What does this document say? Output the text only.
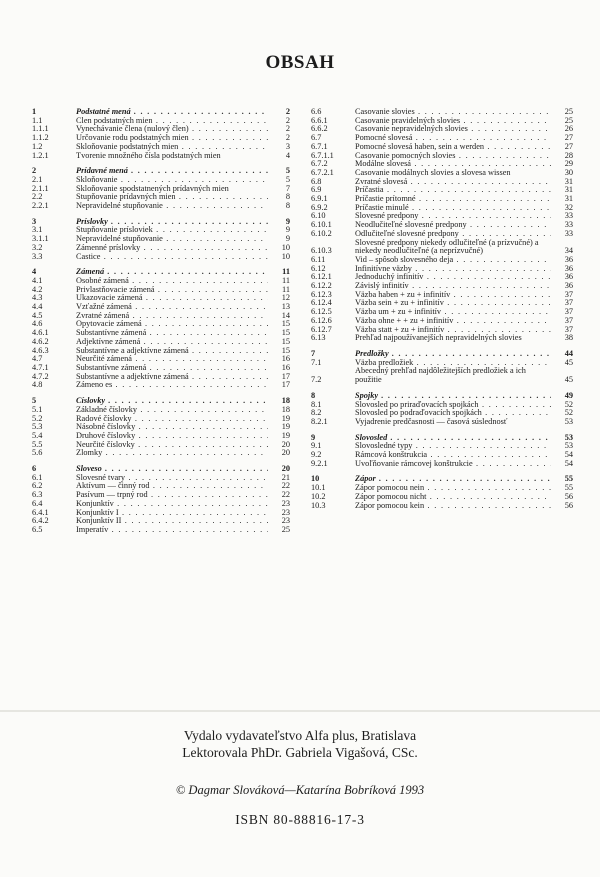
OBSAH
1	Podstatné mená . . .	2
1.1	Člen podstatných mien . . .	2
1.1.1	Vynechávanie člena (nulový člen) . . .	2
1.1.2	Určovanie rodu podstatných mien . . .	2
1.2	Skloňovanie podstatných mien . . .	3
1.2.1	Tvorenie množného čísla podstatných mien	4
2	Prídavné mená . . .	5
2.1	Skloňovanie . . .	5
2.1.1	Skloňovanie spodstatnených prídavných mien	7
2.2	Stupňovanie prídavných mien . . .	8
2.2.1	Nepravidelné stupňovanie . . .	8
3	Príslovky . . .	9
3.1	Stupňovanie prísloviek . . .	9
3.1.1	Nepravidelné stupňovanie . . .	9
3.2	Zámenné príslovky . . .	10
3.3	Častice . . .	10
4	Zámená . . .	11
4.1	Osobné zámená . . .	11
4.2	Privlastňovacie zámená . . .	11
4.3	Ukazovacie zámená . . .	12
4.4	Vzťažné zámená . . .	13
4.5	Zvratné zámená . . .	14
4.6	Opytovacie zámená . . .	15
4.6.1	Substantívne zámená . . .	15
4.6.2	Adjektívne zámená . . .	15
4.6.3	Substantívne a adjektívne zámená . . .	15
4.7	Neurčité zámená . . .	16
4.7.1	Substantívne zámená . . .	16
4.7.2	Substantívne a adjektívne zámená . . .	17
4.8	Zámeno es . . .	17
5	Číslovky . . .	18
5.1	Základné číslovky . . .	18
5.2	Radové číslovky . . .	19
5.3	Násobné číslovky . . .	19
5.4	Druhové číslovky . . .	19
5.5	Neurčité číslovky . . .	20
5.6	Zlomky . . .	20
6	Sloveso . . .	20
6.1	Slovesné tvary . . .	21
6.2	Aktívum — činný rod . . .	22
6.3	Pasívum — trpný rod . . .	22
6.4	Konjunktív . . .	23
6.4.1	Konjunktív I . . .	23
6.4.2	Konjunktív II . . .	23
6.5	Imperatív . . .	25
6.6	Časovanie slovies . . .	25
6.6.1	Časovanie pravidelných slovies . . .	25
6.6.2	Časovanie nepravidelných slovies . . .	26
6.7	Pomocné slovesá . . .	27
6.7.1	Pomocné slovesá haben, sein a werden . . .	27
6.7.1.1	Časovanie pomocných slovies . . .	28
6.7.2	Modálne slovesá . . .	29
6.7.2.1	Časovanie modálnych slovies a slovesa wissen	30
6.8	Zvratné slovesá . . .	31
6.9	Príčastia . . .	31
6.9.1	Príčastie prítomné . . .	31
6.9.2	Príčastie minulé . . .	32
6.10	Slovesné predpony . . .	33
6.10.1	Neodlučiteľné slovesné predpony . . .	33
6.10.2	Odlučiteľné slovesné predpony . . .	33
6.10.3
Slovesné predpony niekedy odlučiteľné (a prízvučné) a niekedy neodlučiteľné (a neprízvučné)	34
6.11	Vid – spôsob slovesného deja . . .	36
6.12	Infinitívne väzby . . .	36
6.12.1	Jednoduchý infinitív . . .	36
6.12.2	Závislý infinitív . . .	36
6.12.3	Väzba haben + zu + infinitív . . .	37
6.12.4	Väzba sein + zu + infinitív . . .	37
6.12.5	Väzba um + zu + infinitív . . .	37
6.12.6	Väzba ohne + + zu + infinitív . . .	37
6.12.7	Väzba statt + zu + infinitív . . .	37
6.13	Prehľad najpoužívanejších nepravidelných slovies	38
7	Predložky . . .	44
7.1	Väzba predložiek . . .	45
7.2
Abecedný prehľad najdôležitejších predložiek a ich použitie	45
8	Spojky . . .	49
8.1	Slovosled po priraďovacích spojkách . . .	52
8.2	Slovosled po podraďovacích spojkách . . .	52
8.2.1	Vyjadrenie predčasnosti — časová súslednosť	53
9	Slovosled . . .	53
9.1	Slovosledné typy . . .	53
9.2	Rámcová konštrukcia . . .	54
9.2.1	Uvoľňovanie rámcovej konštrukcie . . .	54
10	Zápor . . .	55
10.1	Zápor pomocou nein . . .	55
10.2	Zápor pomocou nicht . . .	56
10.3	Zápor pomocou kein . . .	56
Vydalo vydavateľstvo Alfa plus, Bratislava
Lektorovala PhDr. Gabriela Vigašová, CSc.
© Dagmar Slováková—Katarína Bobríková 1993
ISBN 80-88816-17-3
